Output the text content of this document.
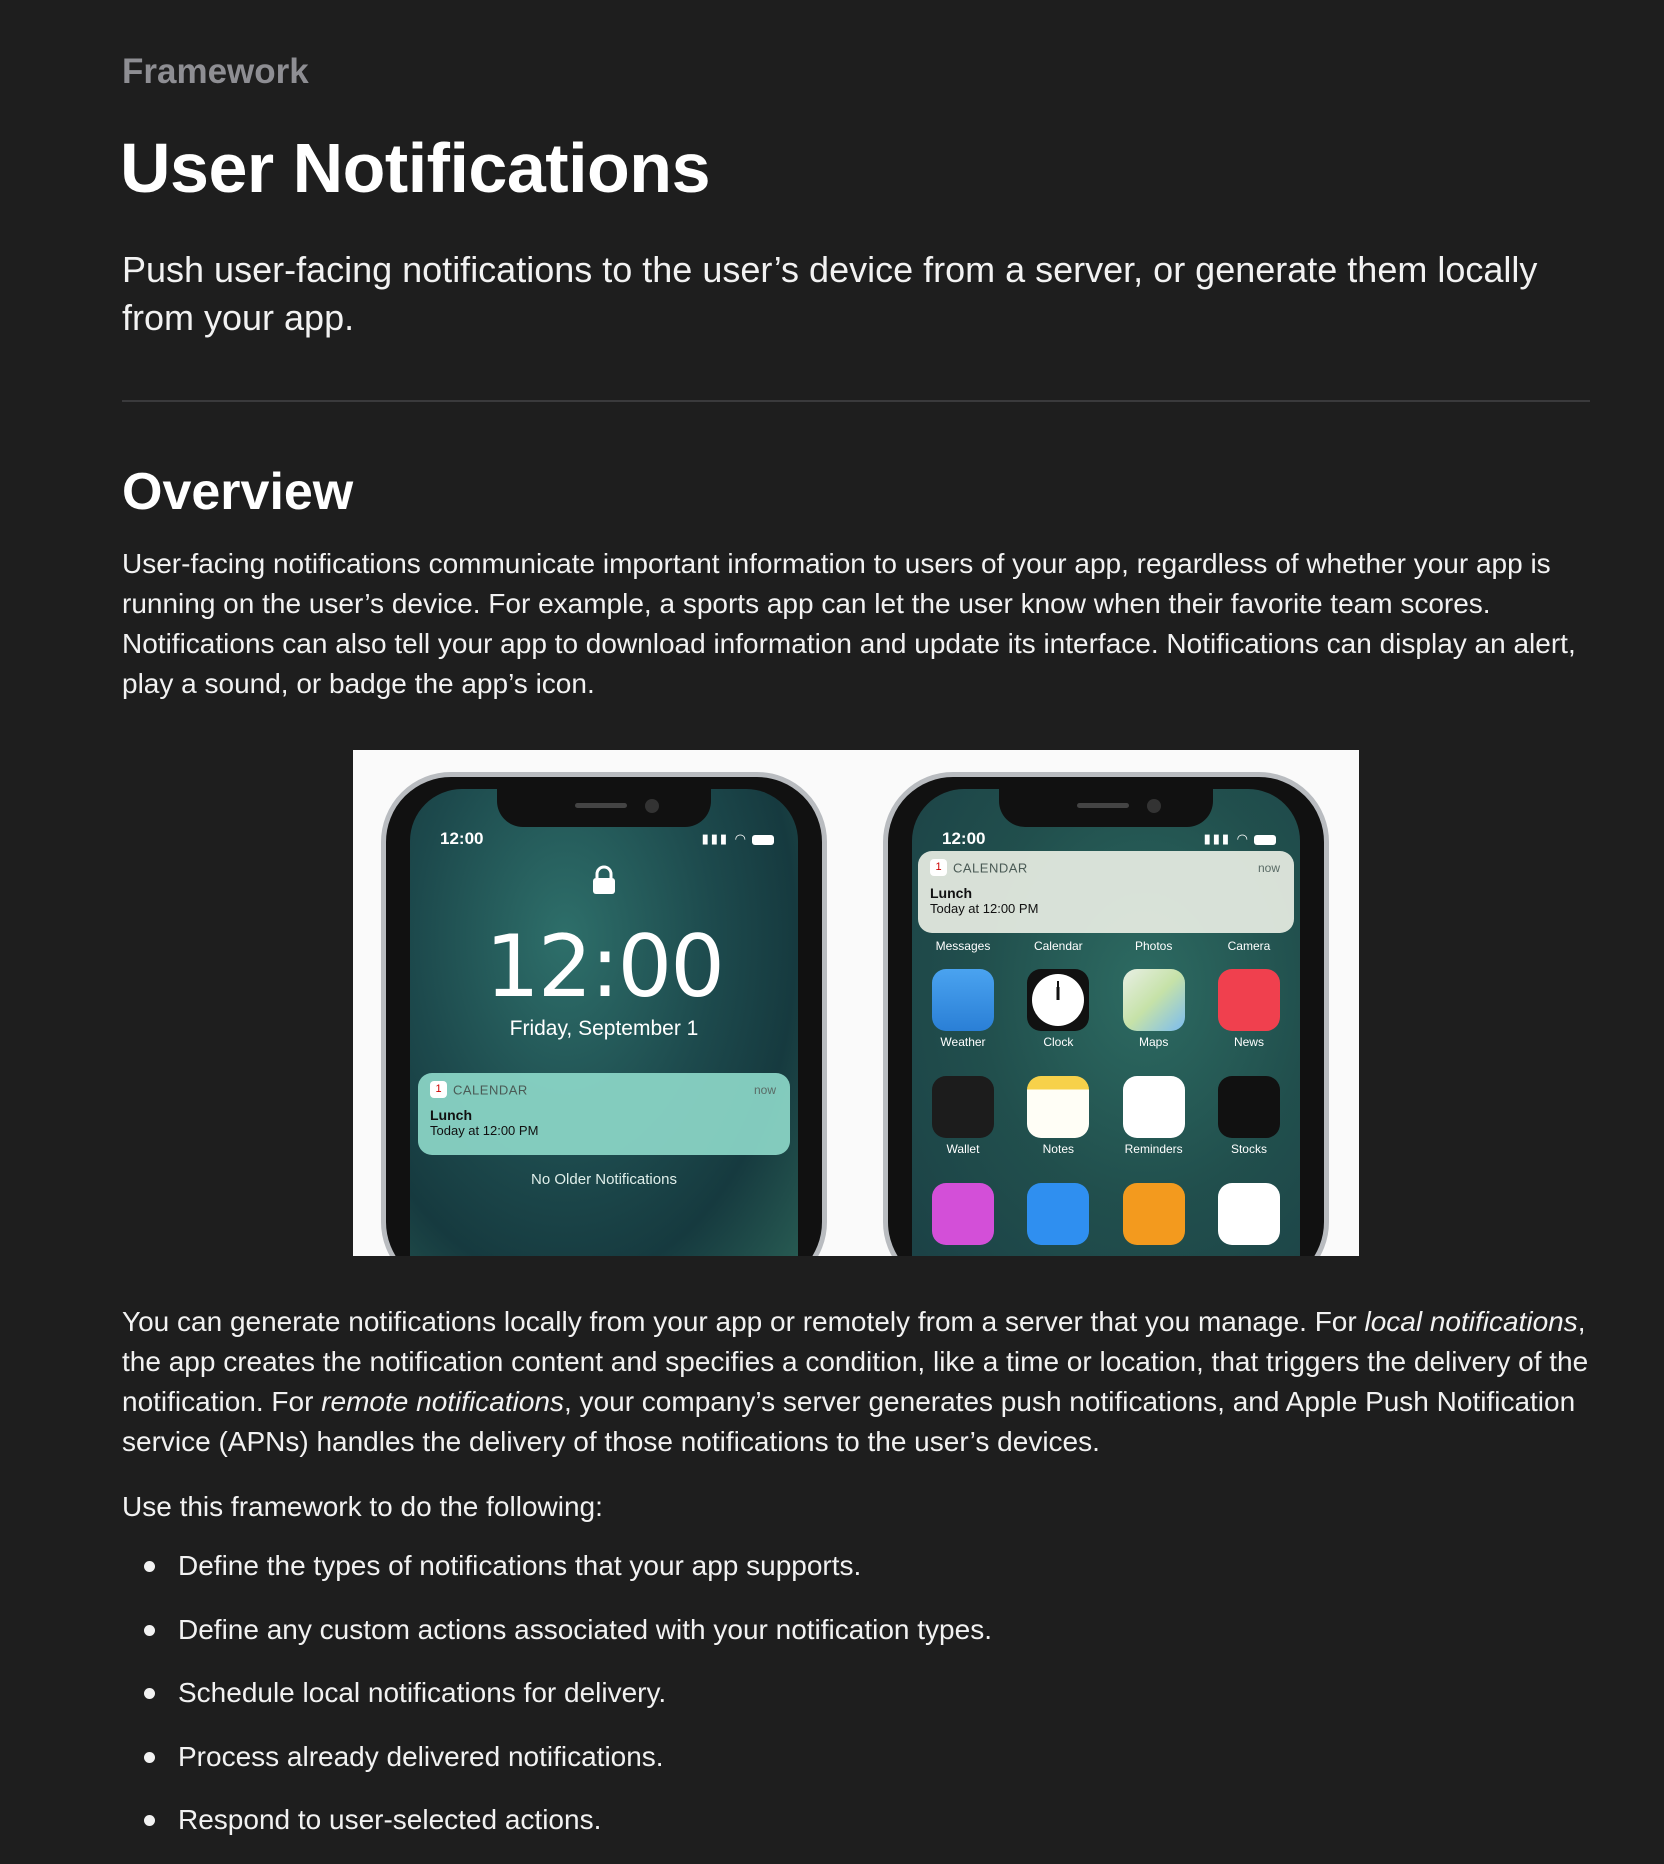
Framework
User Notifications

Push user-facing notifications to the user’s device from a server, or generate them locally from your app.

Overview

User-facing notifications communicate important information to users of your app, regardless of whether your app is running on the user’s device. For example, a sports app can let the user know when their favorite team scores. Notifications can also tell your app to download information and update its interface. Notifications can display an alert, play a sound, or badge the app’s icon.

12:00	▮▮▮ ◠
12:00
Friday, September 1
1 CALENDAR	now
Lunch
Today at 12:00 PM
No Older Notifications
12:00	▮▮▮ ◠
Messages	Calendar	Photos	Camera
Weather	Clock	Maps	News
Wallet	Notes	Reminders	Stocks
1 CALENDAR	now
Lunch
Today at 12:00 PM

You can generate notifications locally from your app or remotely from a server that you manage. For local notifications, the app creates the notification content and specifies a condition, like a time or location, that triggers the delivery of the notification. For remote notifications, your company’s server generates push notifications, and Apple Push Notification service (APNs) handles the delivery of those notifications to the user’s devices.

Use this framework to do the following:

Define the types of notifications that your app supports.
Define any custom actions associated with your notification types.
Schedule local notifications for delivery.
Process already delivered notifications.
Respond to user-selected actions.
